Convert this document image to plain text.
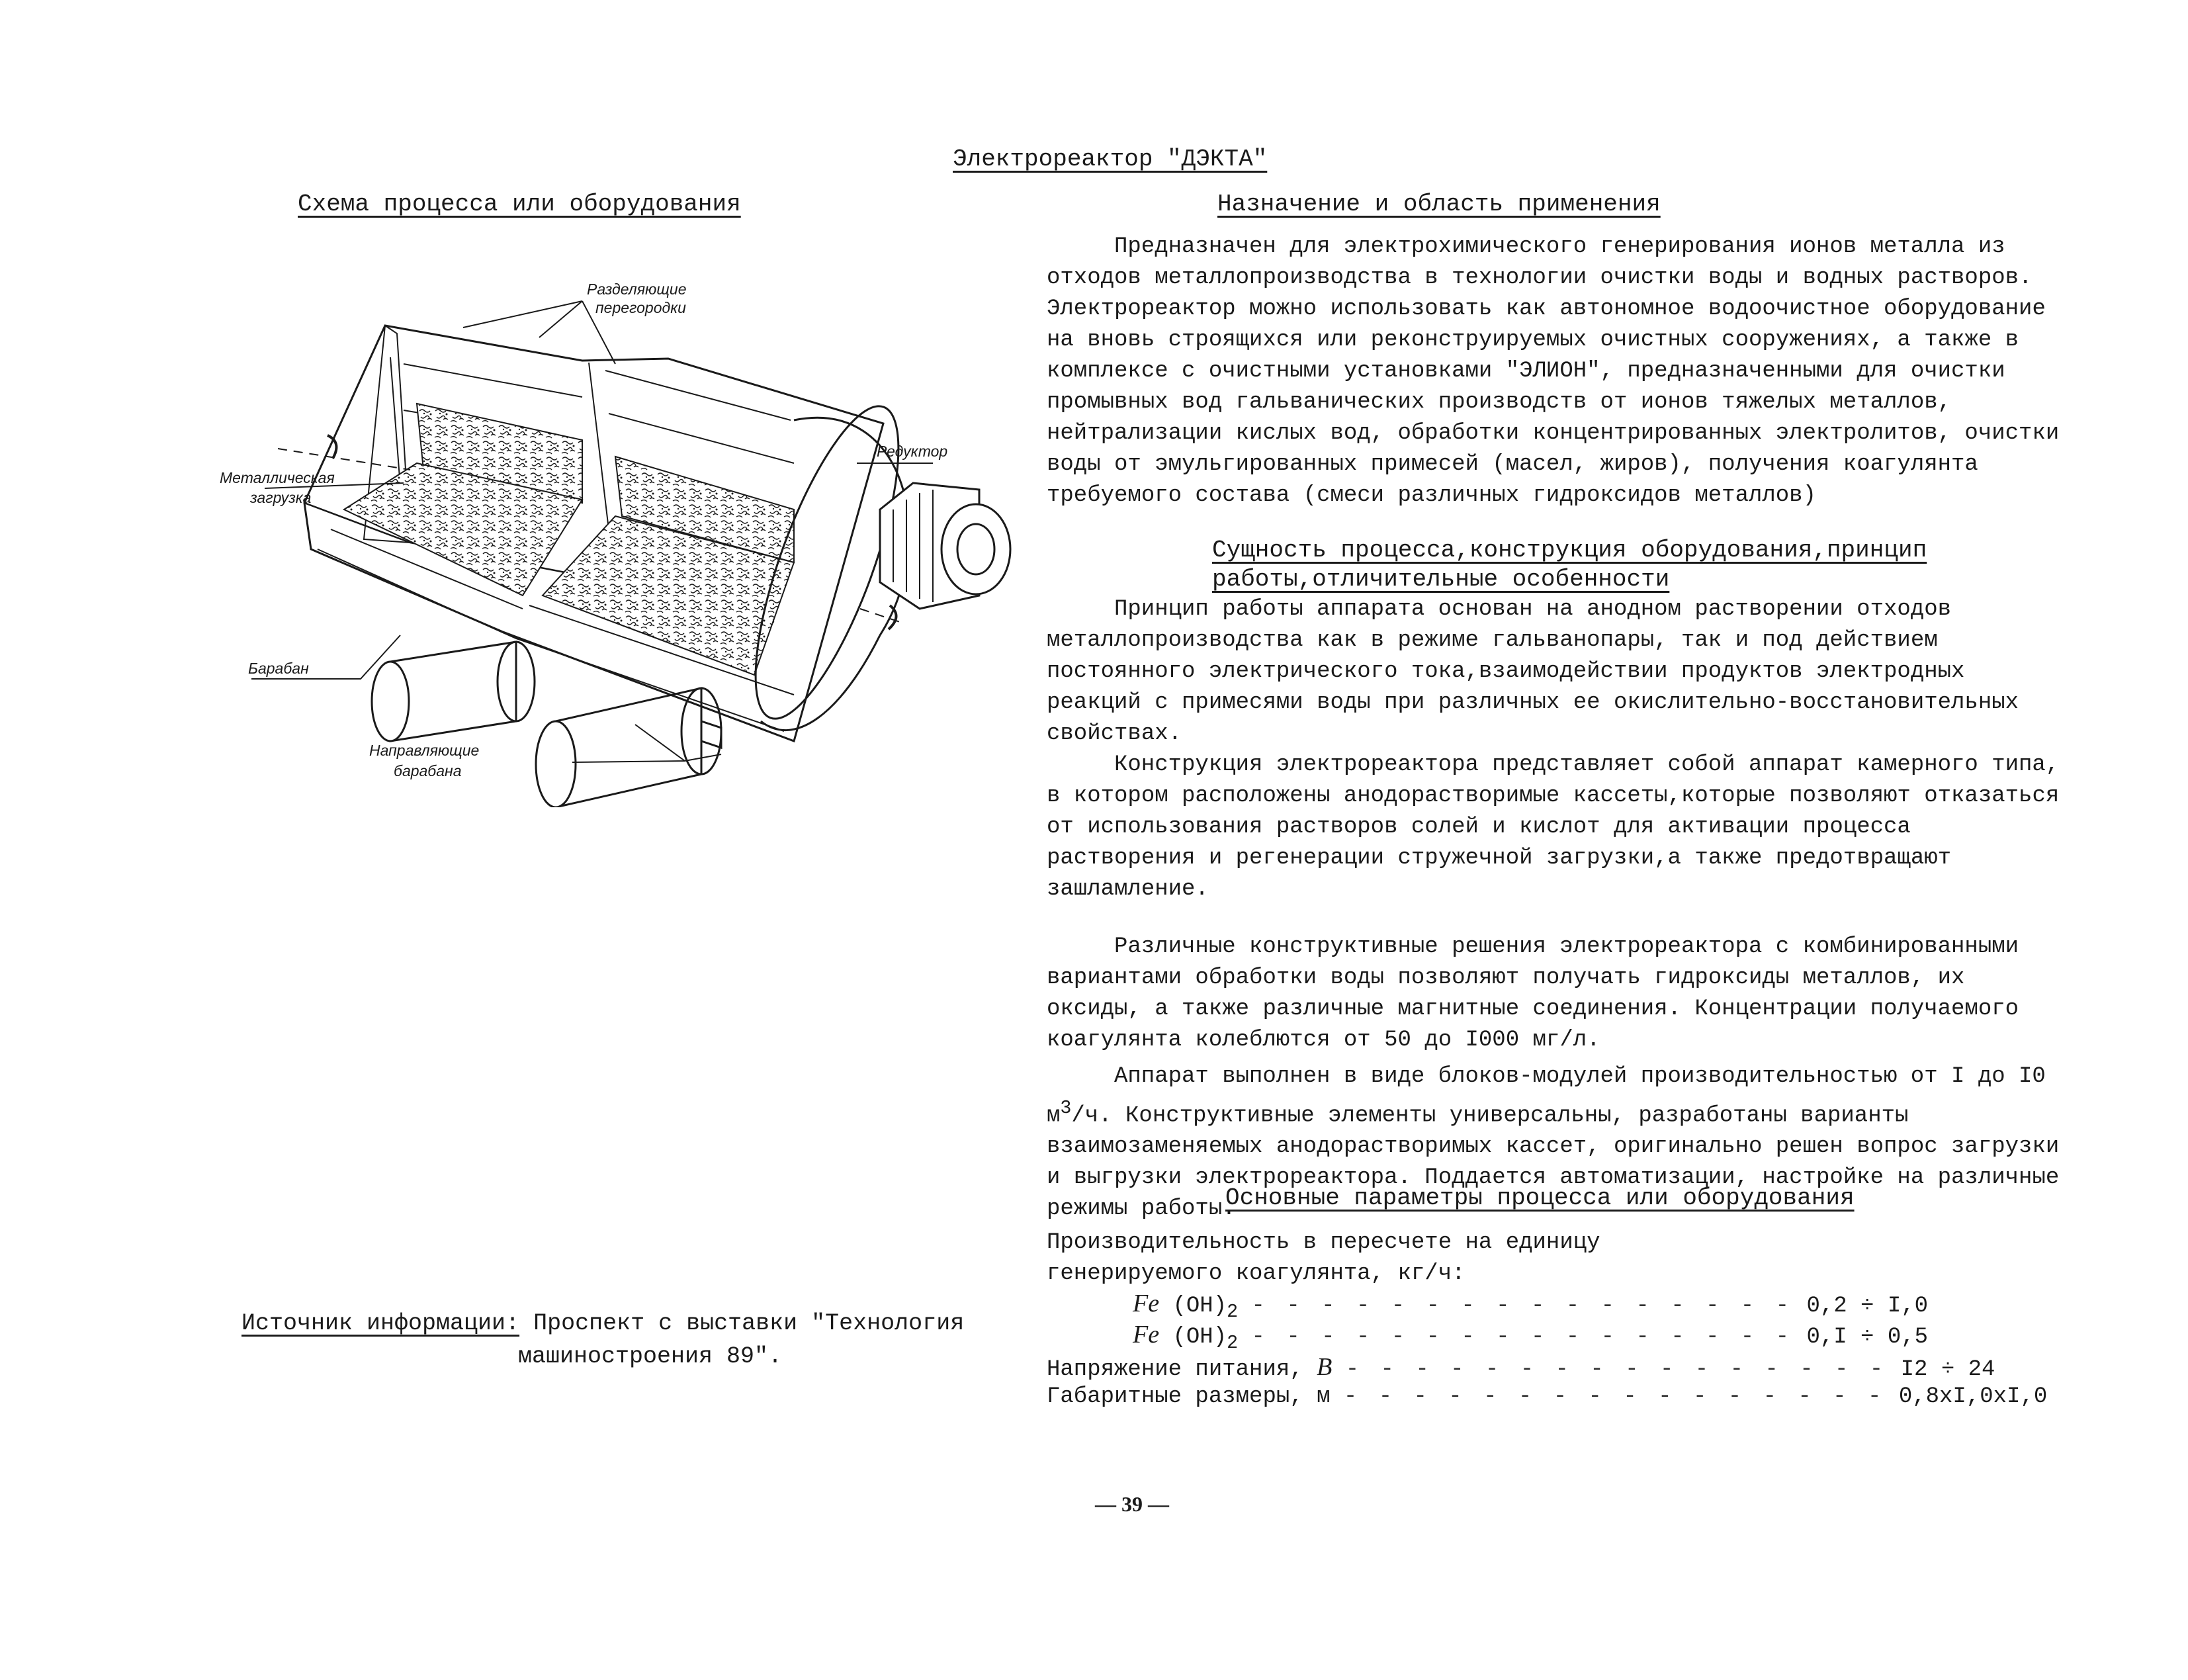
Электрореактор "ДЭКТА"
Схема процесса или оборудования	Назначение и область применения
Разделяющие
перегородки
Редуктор
Металлическая
загрузка
Барабан
Направляющие
барабана

Предназначен для электрохимического генерирования ионов металла из отходов металлопроизводства в технологии очистки воды и водных растворов. Электрореактор можно использовать как автономное водоочистное оборудование на вновь строящихся или реконструируемых очистных сооружениях, а также в комплексе с очистными установками "ЭЛИОН", предназначенными для очистки промывных вод гальванических производств от ионов тяжелых металлов, нейтрализации кислых вод, обработки концентрированных электролитов, очистки воды от эмульгированных примесей (масел, жиров), получения коагулянта требуемого состава (смеси различных гидроксидов металлов)

Сущность процесса,конструкция оборудования,принцип
работы,отличительные особенности

Принцип работы аппарата основан на анодном растворении отходов металлопроизводства как в режиме гальванопары, так и под действием постоянного электрического тока,взаимодействии продуктов электродных реакций с примесями воды при различных ее окислительно-восстановительных свойствах.

Конструкция электрореактора представляет собой аппарат камерного типа, в котором расположены анодорастворимые кассеты,которые позволяют отказаться от использования растворов солей и кислот для активации процесса растворения и регенерации стружечной загрузки,а также предотвращают зашламление.

Различные конструктивные решения электрореактора с комбинированными вариантами обработки воды позволяют получать гидроксиды металлов, их оксиды, а также различные магнитные соединения. Концентрации получаемого коагулянта колеблются от 50 до I000 мг/л.

Аппарат выполнен в виде блоков-модулей производительностью от I до I0 $м^3/ч$. Конструктивные элементы универсальны, разработаны варианты взаимозаменяемых анодорастворимых кассет, оригинально решен вопрос загрузки и выгрузки электрореактора. Поддается автоматизации, настройке на различные режимы работы.

Основные параметры процесса или оборудования
Производительность в пересчете на единицу
генерируемого коагулянта, кг/ч:
Fe $(OH)_2$ - - - - - - - - - - - - - - - - 0,2 ÷ I,0
Fe $(OH)_2$ - - - - - - - - - - - - - - - - 0,I ÷ 0,5
Напряжение питания, В - - - - - - - - - - - - - - - - I2 ÷ 24
Габаритные размеры, м - - - - - - - - - - - - - - - - 0,8xI,0xI,0
Источник информации: Проспект с выставки "Технология
машиностроения 89".
— 39 —
